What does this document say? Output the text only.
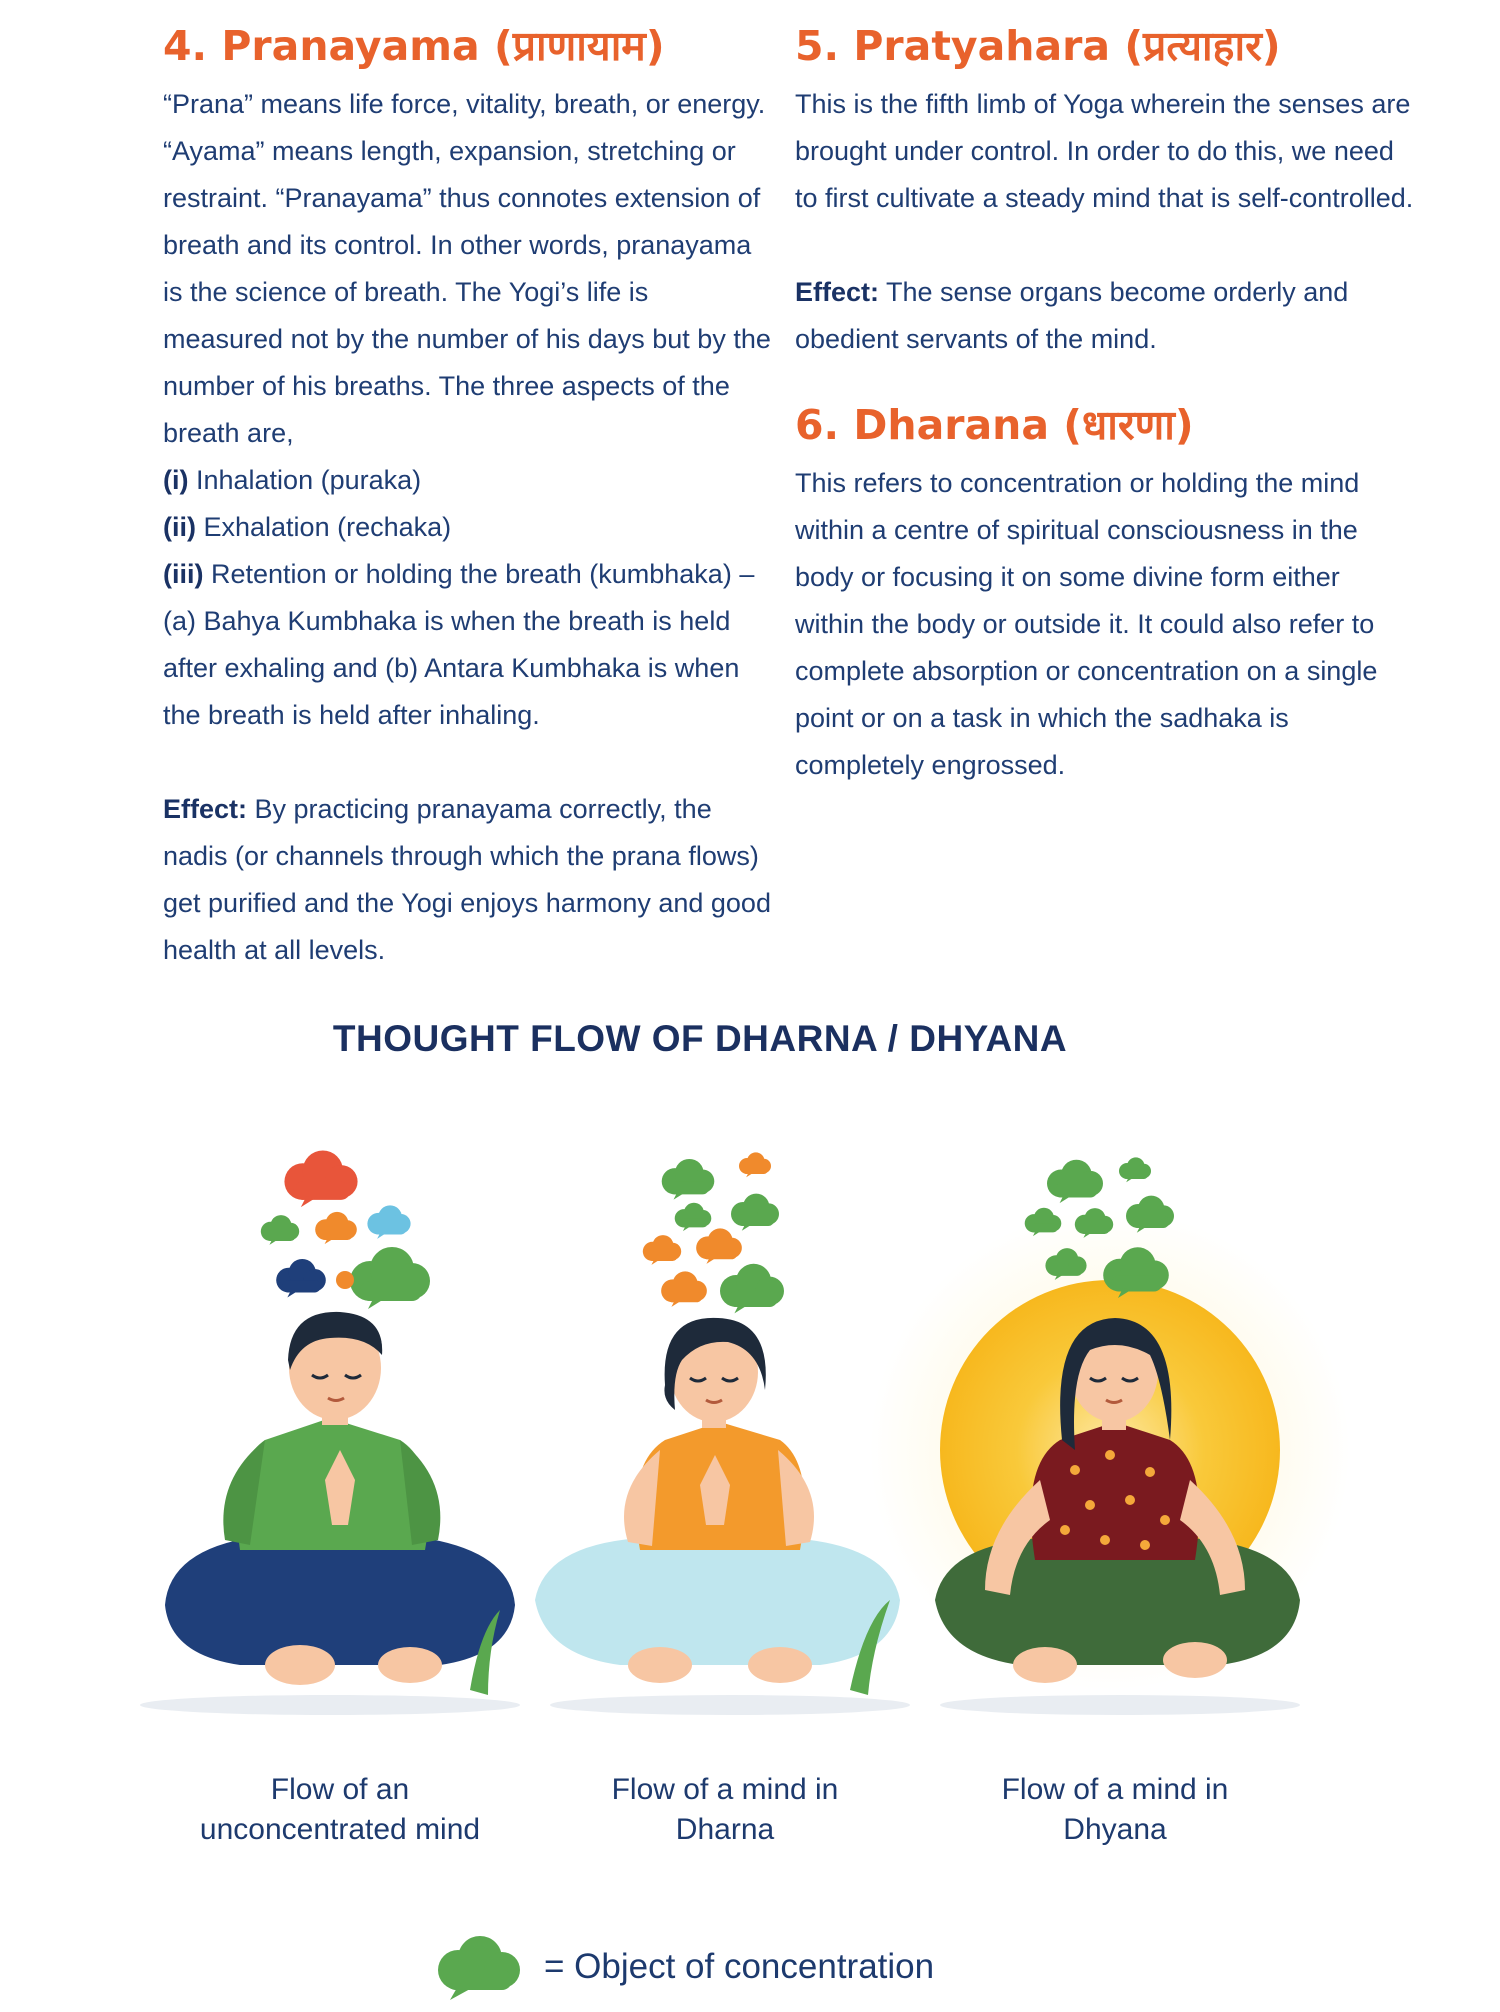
4. Pranayama (प्राणायाम)

“Prana” means life force, vitality, breath, or energy. “Ayama” means length, expansion, stretching or restraint. “Pranayama” thus connotes extension of breath and its control. In other words, pranayama is the science of breath. The Yogi’s life is measured not by the number of his days but by the number of his breaths. The three aspects of the breath are,

(i) Inhalation (puraka)

(ii) Exhalation (rechaka)

(iii) Retention or holding the breath (kumbhaka) – (a) Bahya Kumbhaka is when the breath is held after exhaling and (b) Antara Kumbhaka is when the breath is held after inhaling.

Effect: By practicing pranayama correctly, the nadis (or channels through which the prana flows) get purified and the Yogi enjoys harmony and good health at all levels.

5. Pratyahara (प्रत्याहार)

This is the fifth limb of Yoga wherein the senses are brought under control. In order to do this, we need to first cultivate a steady mind that is self-controlled.

Effect: The sense organs become orderly and obedient servants of the mind.

6. Dharana (धारणा)

This refers to concentration or holding the mind within a centre of spiritual consciousness in the body or focusing it on some divine form either within the body or outside it. It could also refer to complete absorption or concentration on a single point or on a task in which the sadhaka is completely engrossed.

THOUGHT FLOW OF DHARNA / DHYANA
Flow of an
unconcentrated mind
Flow of a mind in
Dharna
Flow of a mind in
Dhyana
= Object of concentration
